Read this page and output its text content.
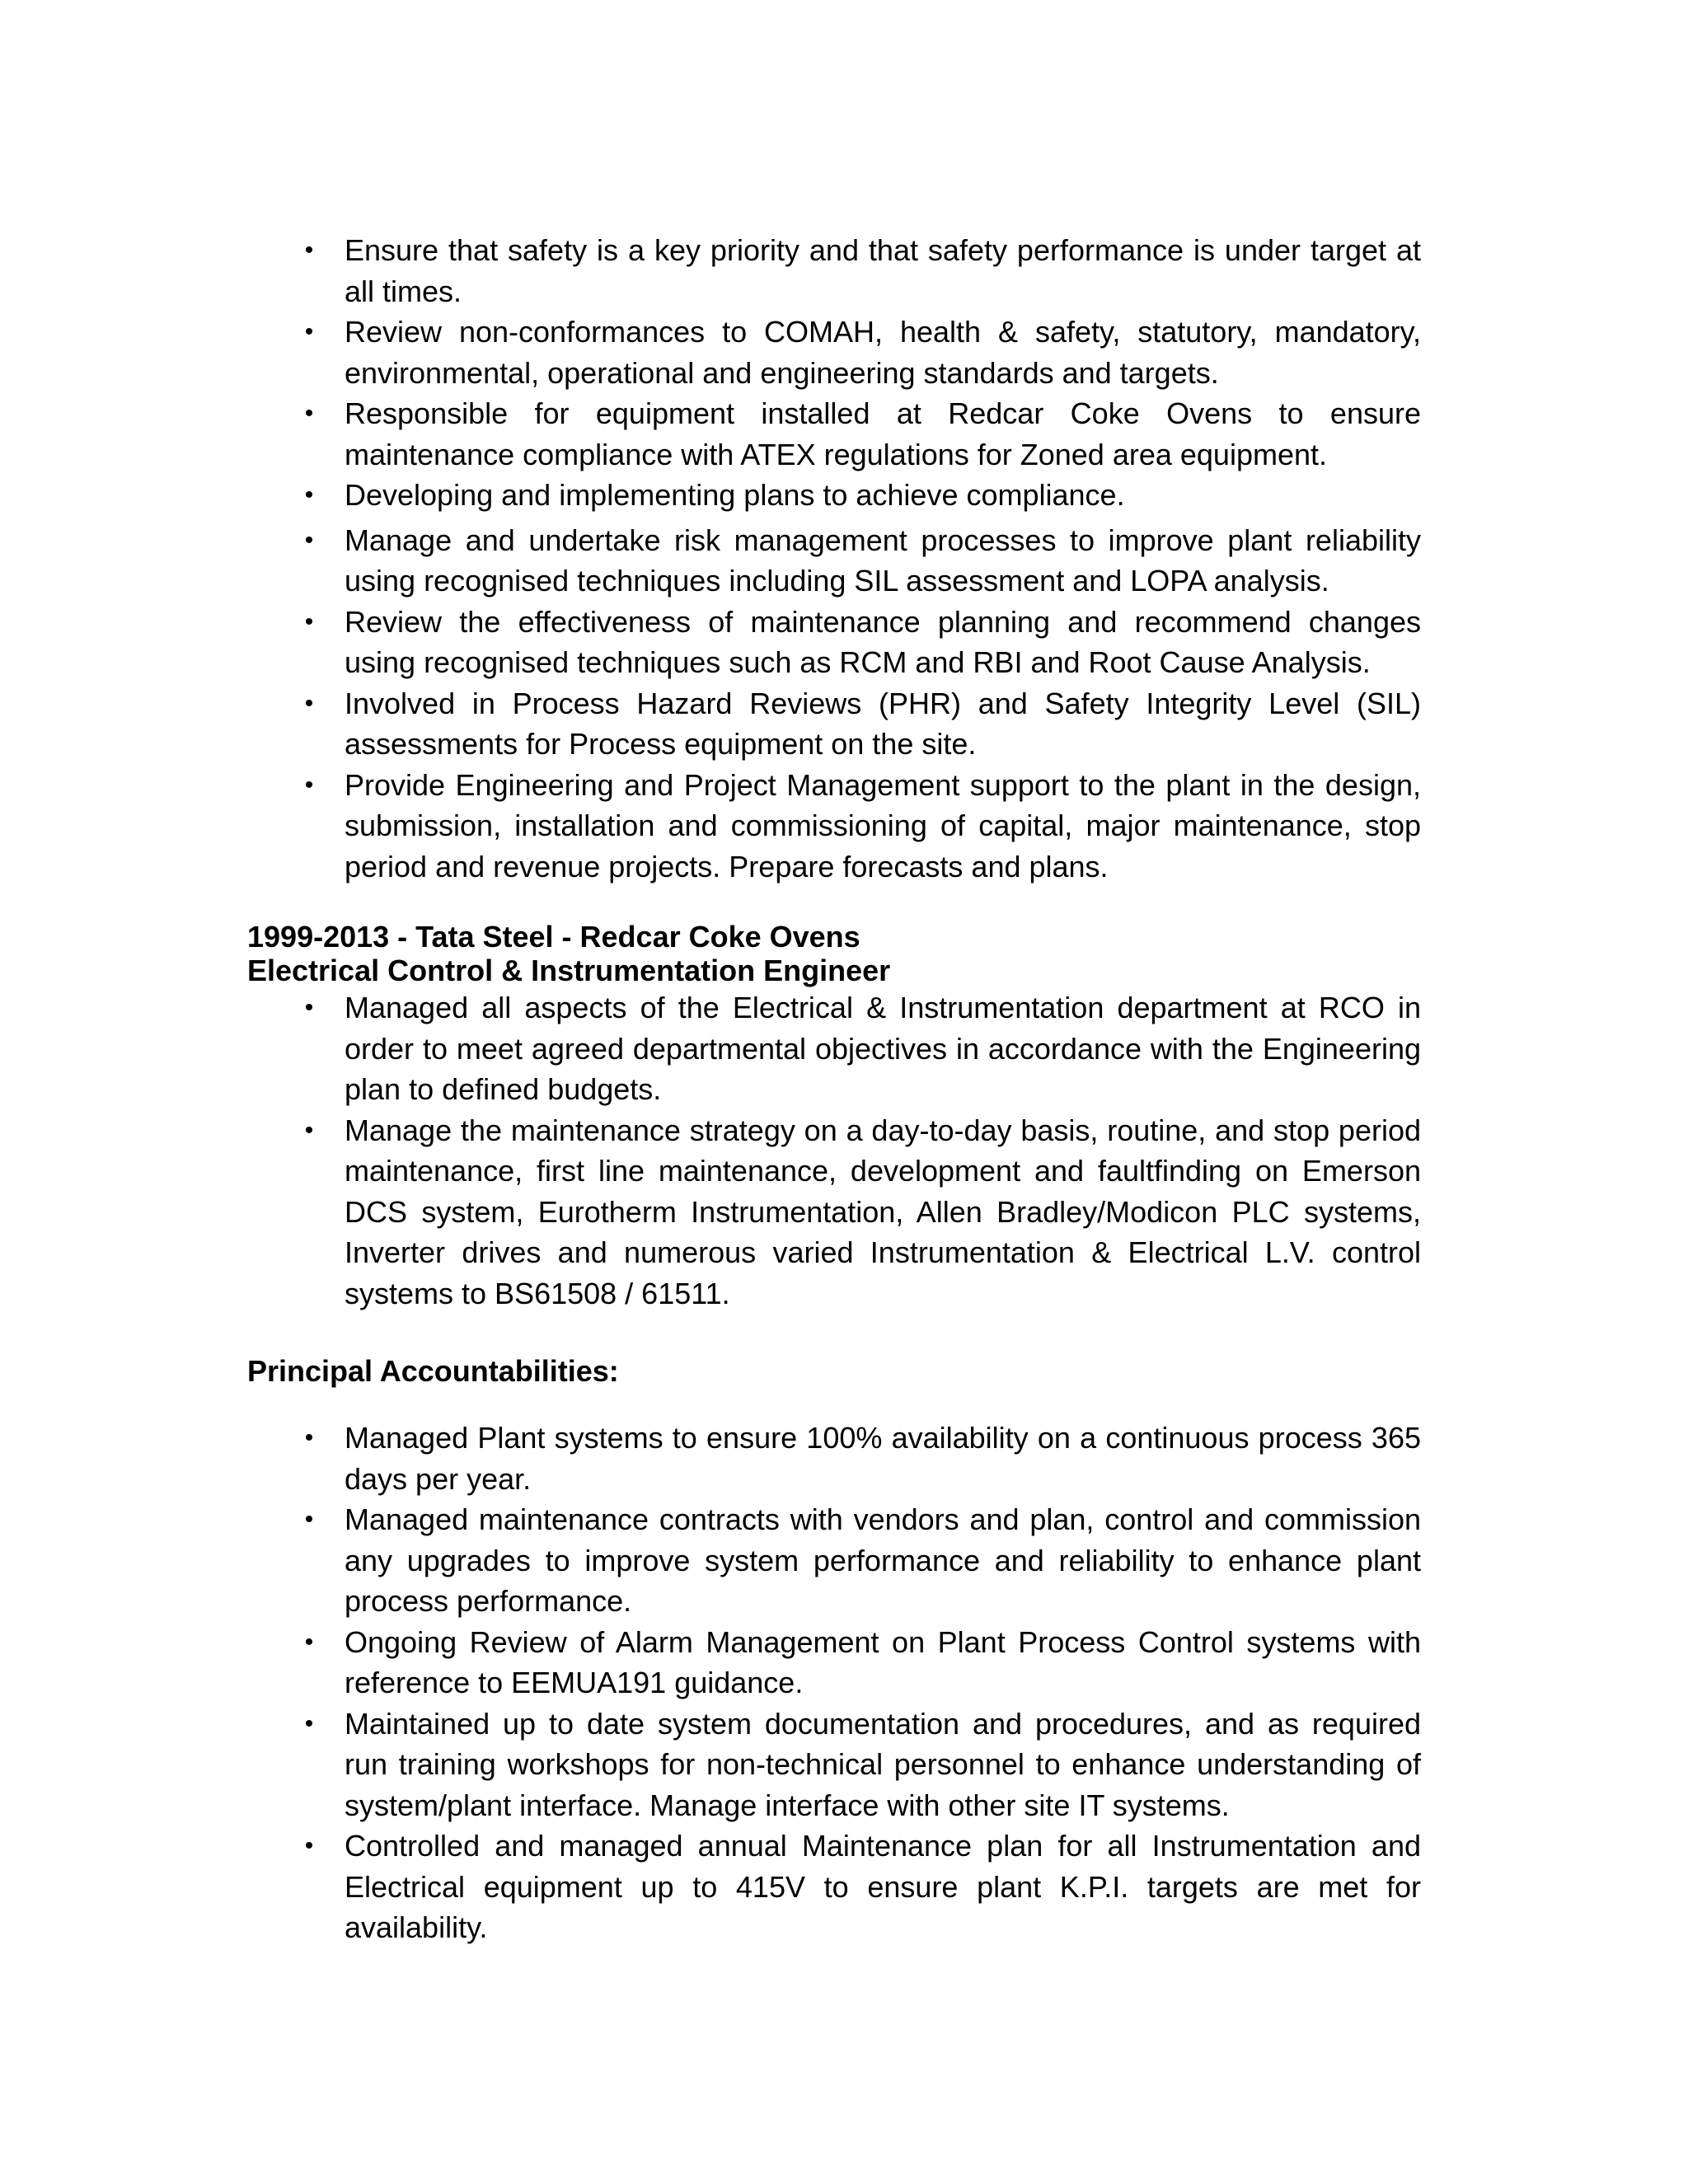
• Ensure that safety is a key priority and that safety performance is under target at all times.
• Review non-conformances to COMAH, health & safety, statutory, mandatory, environmental, operational and engineering standards and targets.
• Responsible for equipment installed at Redcar Coke Ovens to ensure maintenance compliance with ATEX regulations for Zoned area equipment.
• Developing and implementing plans to achieve compliance.
• Manage and undertake risk management processes to improve plant reliability using recognised techniques including SIL assessment and LOPA analysis.
• Review the effectiveness of maintenance planning and recommend changes using recognised techniques such as RCM and RBI and Root Cause Analysis.
• Involved in Process Hazard Reviews (PHR) and Safety Integrity Level (SIL) assessments for Process equipment on the site.
• Provide Engineering and Project Management support to the plant in the design, submission, installation and commissioning of capital, major maintenance, stop period and revenue projects. Prepare forecasts and plans.

1999-2013 - Tata Steel - Redcar Coke Ovens

Electrical Control & Instrumentation Engineer

• Managed all aspects of the Electrical & Instrumentation department at RCO in order to meet agreed departmental objectives in accordance with the Engineering plan to defined budgets.
• Manage the maintenance strategy on a day-to-day basis, routine, and stop period maintenance, first line maintenance, development and faultfinding on Emerson DCS system, Eurotherm Instrumentation, Allen Bradley/Modicon PLC systems, Inverter drives and numerous varied Instrumentation & Electrical L.V. control systems to BS61508 / 61511.

Principal Accountabilities:

• Managed Plant systems to ensure 100% availability on a continuous process 365 days per year.
• Managed maintenance contracts with vendors and plan, control and commission any upgrades to improve system performance and reliability to enhance plant process performance.
• Ongoing Review of Alarm Management on Plant Process Control systems with reference to EEMUA191 guidance.
• Maintained up to date system documentation and procedures, and as required run training workshops for non-technical personnel to enhance understanding of system/plant interface. Manage interface with other site IT systems.
• Controlled and managed annual Maintenance plan for all Instrumentation and Electrical equipment up to 415V to ensure plant K.P.I. targets are met for availability.
